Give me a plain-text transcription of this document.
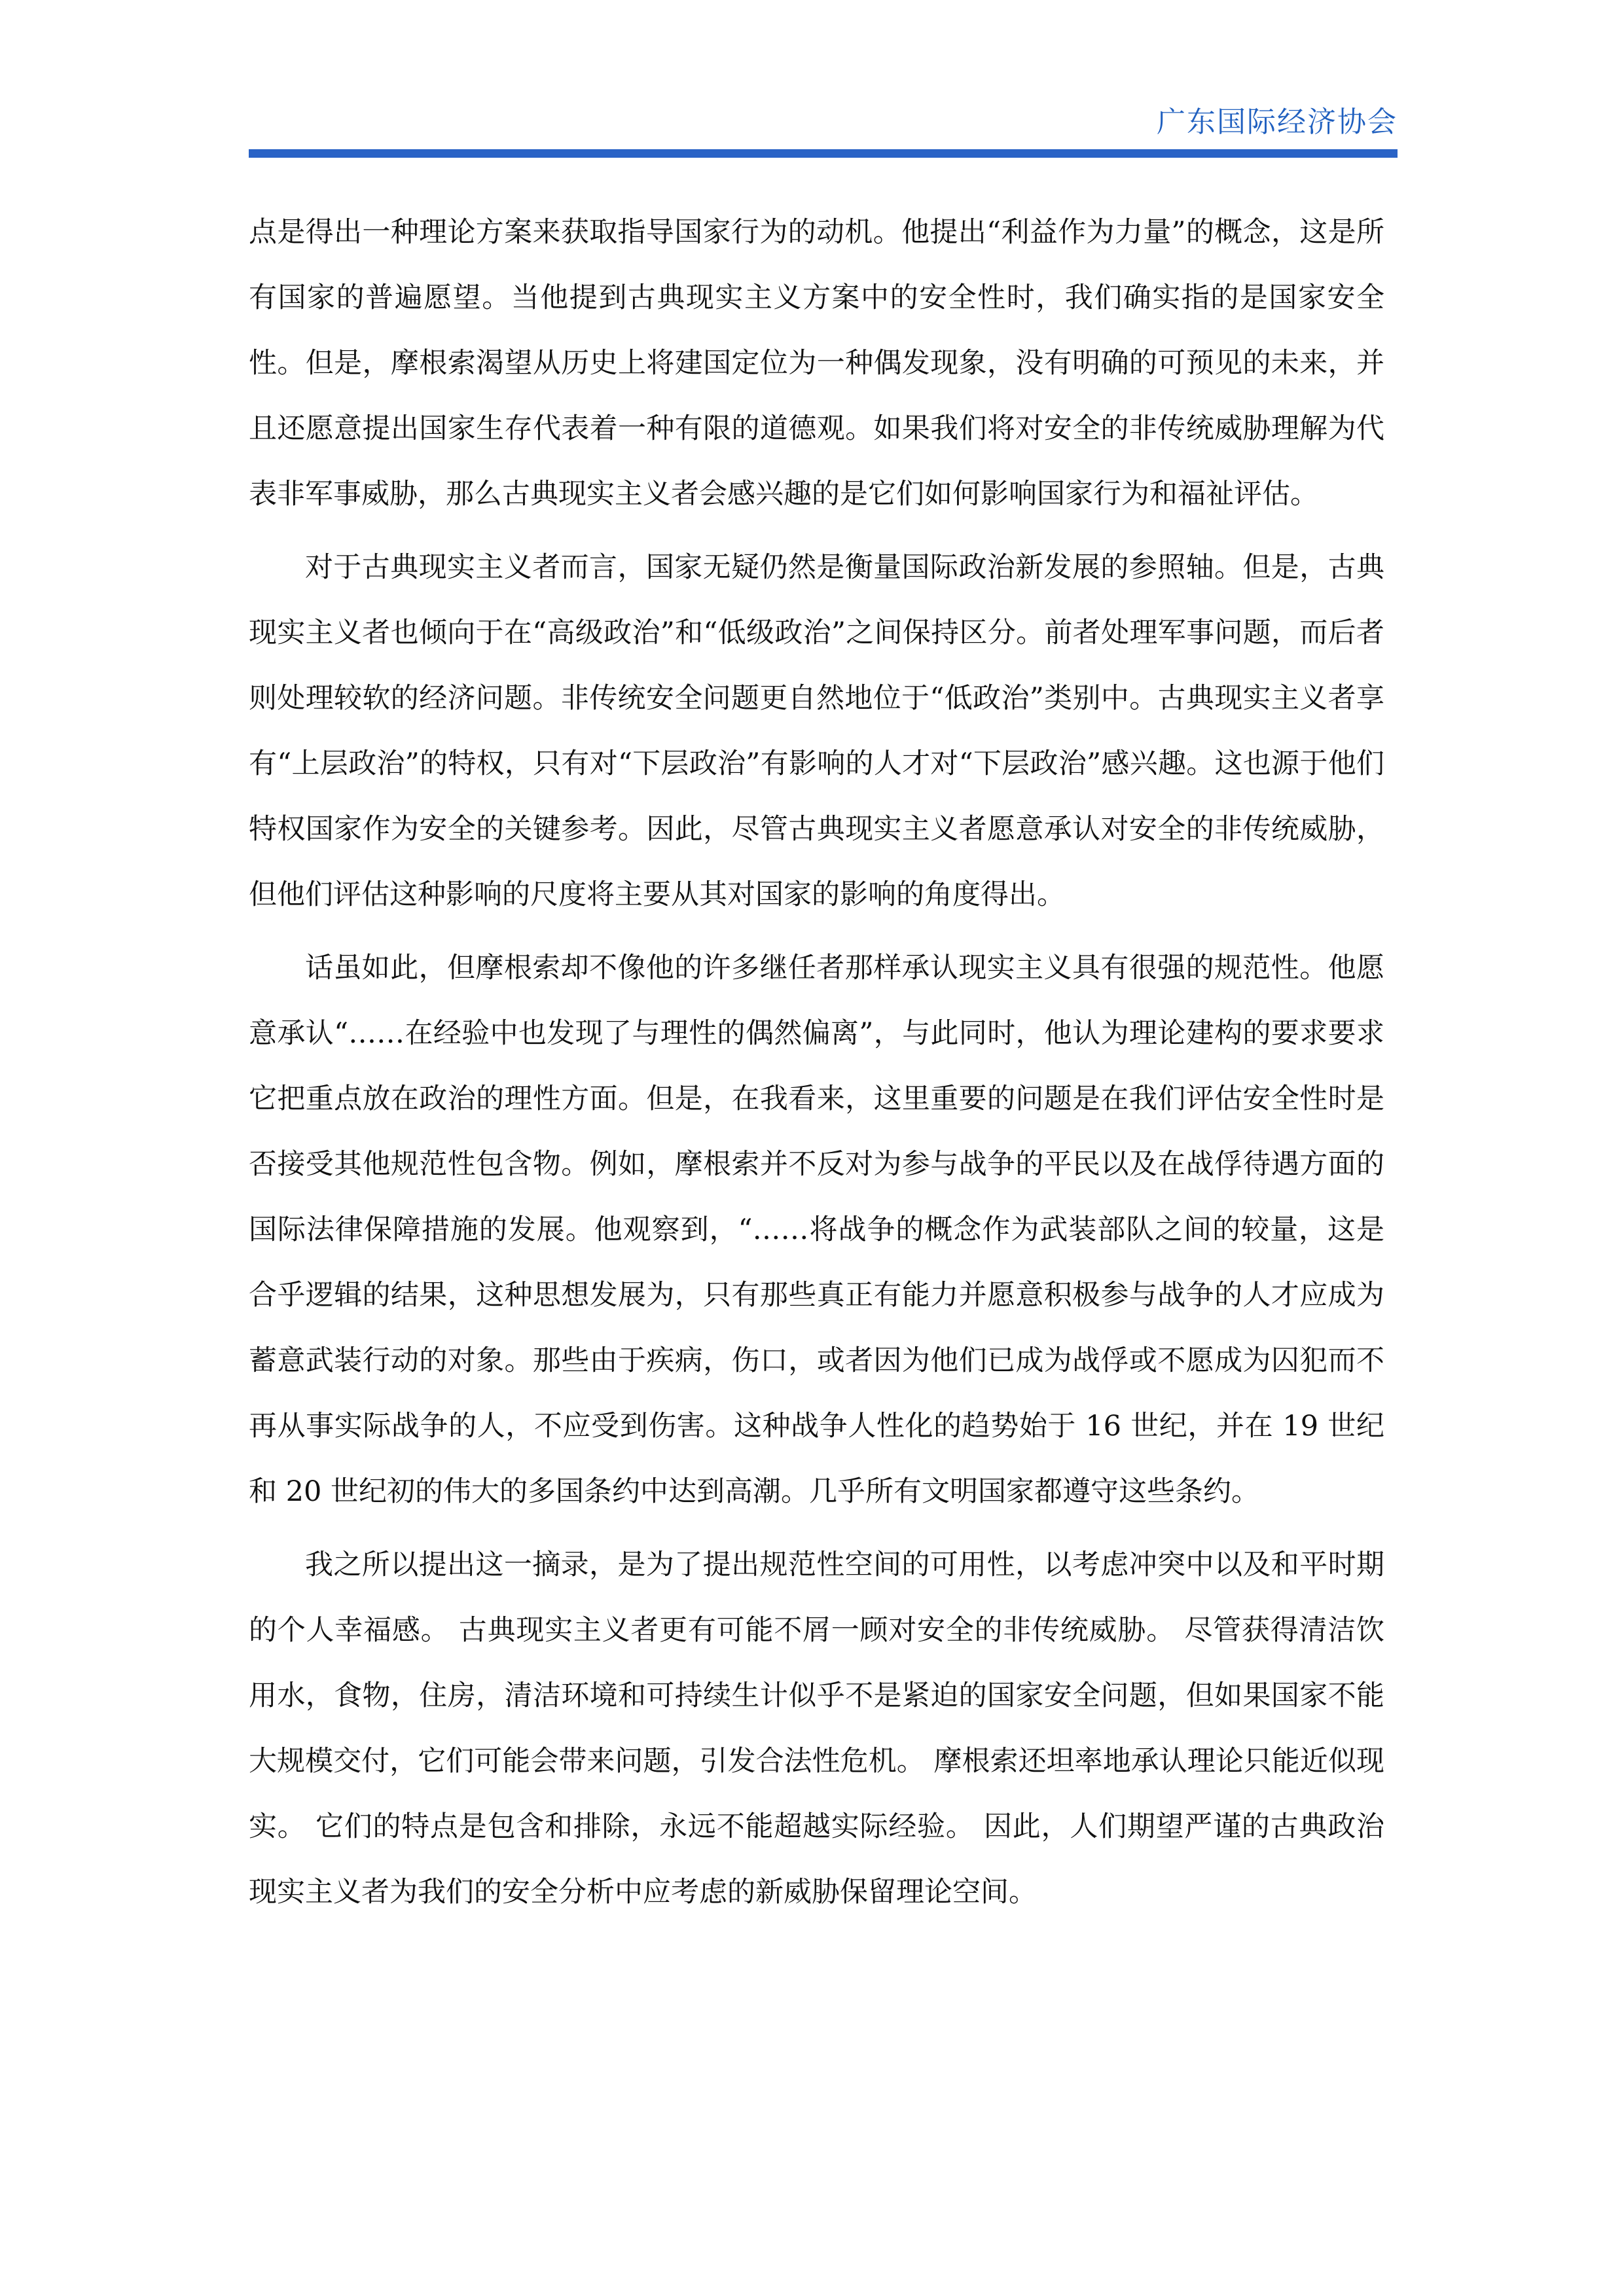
广东国际经济协会

点是得出一种理论方案来获取指导国家行为的动机。他提出“利益作为力量”的概念，这是所有国家的普遍愿望。当他提到古典现实主义方案中的安全性时，我们确实指的是国家安全性。但是，摩根索渴望从历史上将建国定位为一种偶发现象，没有明确的可预见的未来，并且还愿意提出国家生存代表着一种有限的道德观。如果我们将对安全的非传统威胁理解为代表非军事威胁，那么古典现实主义者会感兴趣的是它们如何影响国家行为和福祉评估。

对于古典现实主义者而言，国家无疑仍然是衡量国际政治新发展的参照轴。但是，古典现实主义者也倾向于在“高级政治”和“低级政治”之间保持区分。前者处理军事问题，而后者则处理较软的经济问题。非传统安全问题更自然地位于“低政治”类别中。古典现实主义者享有“上层政治”的特权，只有对“下层政治”有影响的人才对“下层政治”感兴趣。这也源于他们特权国家作为安全的关键参考。因此，尽管古典现实主义者愿意承认对安全的非传统威胁，但他们评估这种影响的尺度将主要从其对国家的影响的角度得出。

话虽如此，但摩根索却不像他的许多继任者那样承认现实主义具有很强的规范性。他愿意承认“……在经验中也发现了与理性的偶然偏离”，与此同时，他认为理论建构的要求要求它把重点放在政治的理性方面。但是，在我看来，这里重要的问题是在我们评估安全性时是否接受其他规范性包含物。例如，摩根索并不反对为参与战争的平民以及在战俘待遇方面的国际法律保障措施的发展。他观察到，“……将战争的概念作为武装部队之间的较量，这是合乎逻辑的结果，这种思想发展为，只有那些真正有能力并愿意积极参与战争的人才应成为蓄意武装行动的对象。那些由于疾病，伤口，或者因为他们已成为战俘或不愿成为囚犯而不再从事实际战争的人，不应受到伤害。这种战争人性化的趋势始于 16 世纪，并在 19 世纪和 20 世纪初的伟大的多国条约中达到高潮。几乎所有文明国家都遵守这些条约。

我之所以提出这一摘录，是为了提出规范性空间的可用性，以考虑冲突中以及和平时期的个人幸福感。 古典现实主义者更有可能不屑一顾对安全的非传统威胁。 尽管获得清洁饮用水，食物，住房，清洁环境和可持续生计似乎不是紧迫的国家安全问题，但如果国家不能大规模交付，它们可能会带来问题，引发合法性危机。 摩根索还坦率地承认理论只能近似现实。 它们的特点是包含和排除，永远不能超越实际经验。 因此，人们期望严谨的古典政治现实主义者为我们的安全分析中应考虑的新威胁保留理论空间。
